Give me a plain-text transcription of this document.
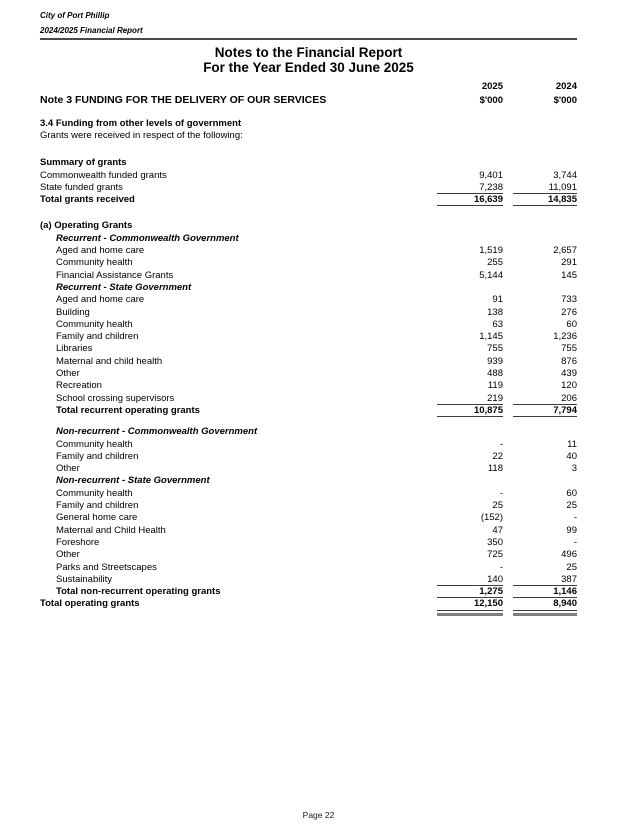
City of Port Phillip
2024/2025 Financial Report
Notes to the Financial Report
For the Year Ended 30 June 2025
2025	2024
Note 3 FUNDING FOR THE DELIVERY OF OUR SERVICES	$'000	$'000
3.4 Funding from other levels of government
Grants were received in respect of the following:
Summary of grants
Commonwealth funded grants	9,401	3,744
State funded grants	7,238	11,091
Total grants received	16,639	14,835
(a) Operating Grants
Recurrent - Commonwealth Government
Aged and home care	1,519	2,657
Community health	255	291
Financial Assistance Grants	5,144	145
Recurrent - State Government
Aged and home care	91	733
Building	138	276
Community health	63	60
Family and children	1,145	1,236
Libraries	755	755
Maternal and child health	939	876
Other	488	439
Recreation	119	120
School crossing supervisors	219	206
Total recurrent operating grants	10,875	7,794
Non-recurrent - Commonwealth Government
Community health	-	11
Family and children	22	40
Other	118	3
Non-recurrent - State Government
Community health	-	60
Family and children	25	25
General home care	(152)	-
Maternal and Child Health	47	99
Foreshore	350	-
Other	725	496
Parks and Streetscapes	-	25
Sustainability	140	387
Total non-recurrent operating grants	1,275	1,146
Total operating grants	12,150	8,940
Page 22
